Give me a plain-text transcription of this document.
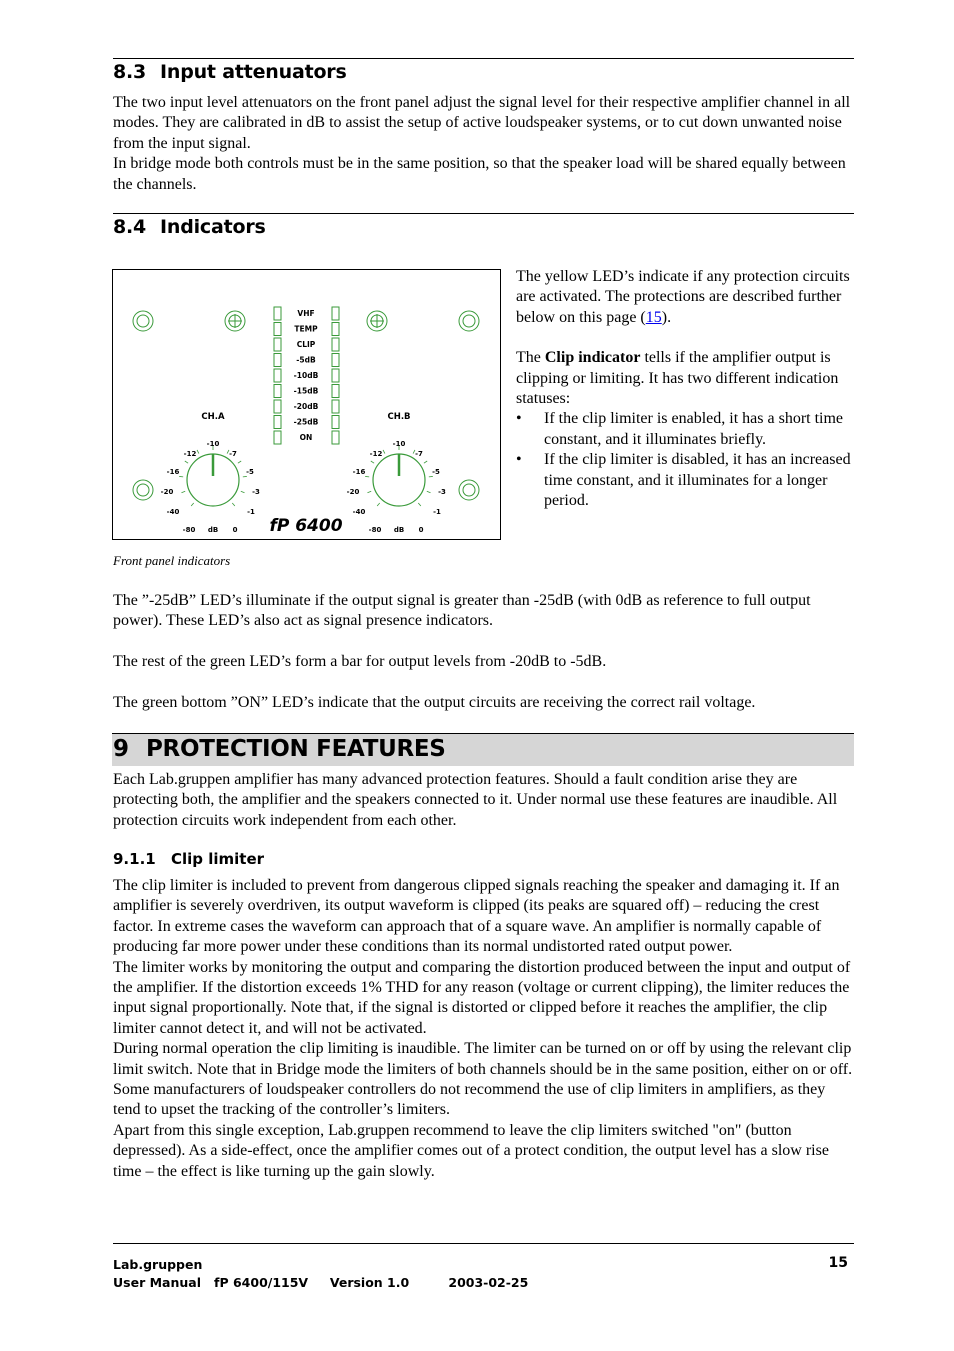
8.3 Input attenuators

The two input level attenuators on the front panel adjust the signal level for their respective amplifier channel in all modes. They are calibrated in dB to assist the setup of active loudspeaker systems, or to cut down unwanted noise from the input signal.

In bridge mode both controls must be in the same position, so that the speaker load will be shared equally between the channels.

8.4 Indicators
-12
-10
-7
-16	-5
-20	-3
-40	-1
-80 dB 0
-12
-10
-7
-16	-5
-20	-3
-40	-1
-80 dB 0
VHF
TEMP
CLIP
-5dB
-10dB
-15dB
-20dB
-25dB
ON
CH.A	CH.B
fP 6400
Front panel indicators

The yellow LED’s indicate if any protection circuits are activated. The protections are described further below on this page (15).

The Clip indicator tells if the amplifier output is clipping or limiting. It has two different indication statuses:

• If the clip limiter is enabled, it has a short time constant, and it illuminates briefly.
• If the clip limiter is disabled, it has an increased time constant, and it illuminates for a longer period.
The ”-25dB” LED’s illuminate if the output signal is greater than -25dB (with 0dB as reference to full output power). These LED’s also act as signal presence indicators.
The rest of the green LED’s form a bar for output levels from -20dB to -5dB.
The green bottom ”ON” LED’s indicate that the output circuits are receiving the correct rail voltage.
9 PROTECTION FEATURES
Each Lab.gruppen amplifier has many advanced protection features. Should a fault condition arise they are protecting both, the amplifier and the speakers connected to it. Under normal use these features are inaudible. All protection circuits work independent from each other.
9.1.1 Clip limiter

The clip limiter is included to prevent from dangerous clipped signals reaching the speaker and damaging it. If an amplifier is severely overdriven, its output waveform is clipped (its peaks are squared off) – reducing the crest factor. In extreme cases the waveform can approach that of a square wave. An amplifier is normally capable of producing far more power under these conditions than its normal undistorted rated output power.

The limiter works by monitoring the output and comparing the distortion produced between the input and output of the amplifier. If the distortion exceeds 1% THD for any reason (voltage or current clipping), the limiter reduces the input signal proportionally. Note that, if the signal is distorted or clipped before it reaches the amplifier, the clip limiter cannot detect it, and will not be activated.

During normal operation the clip limiting is inaudible. The limiter can be turned on or off by using the relevant clip limit switch. Note that in Bridge mode the limiters of both channels should be in the same position, either on or off.

Some manufacturers of loudspeaker controllers do not recommend the use of clip limiters in amplifiers, as they tend to upset the tracking of the controller’s limiters.

Apart from this single exception, Lab.gruppen recommend to leave the clip limiters switched "on" (button depressed). As a side-effect, once the amplifier comes out of a protect condition, the output level has a slow rise time – the effect is like turning up the gain slowly.

Lab.gruppen	15
User Manual   fP 6400/115V     Version 1.0         2003-02-25
